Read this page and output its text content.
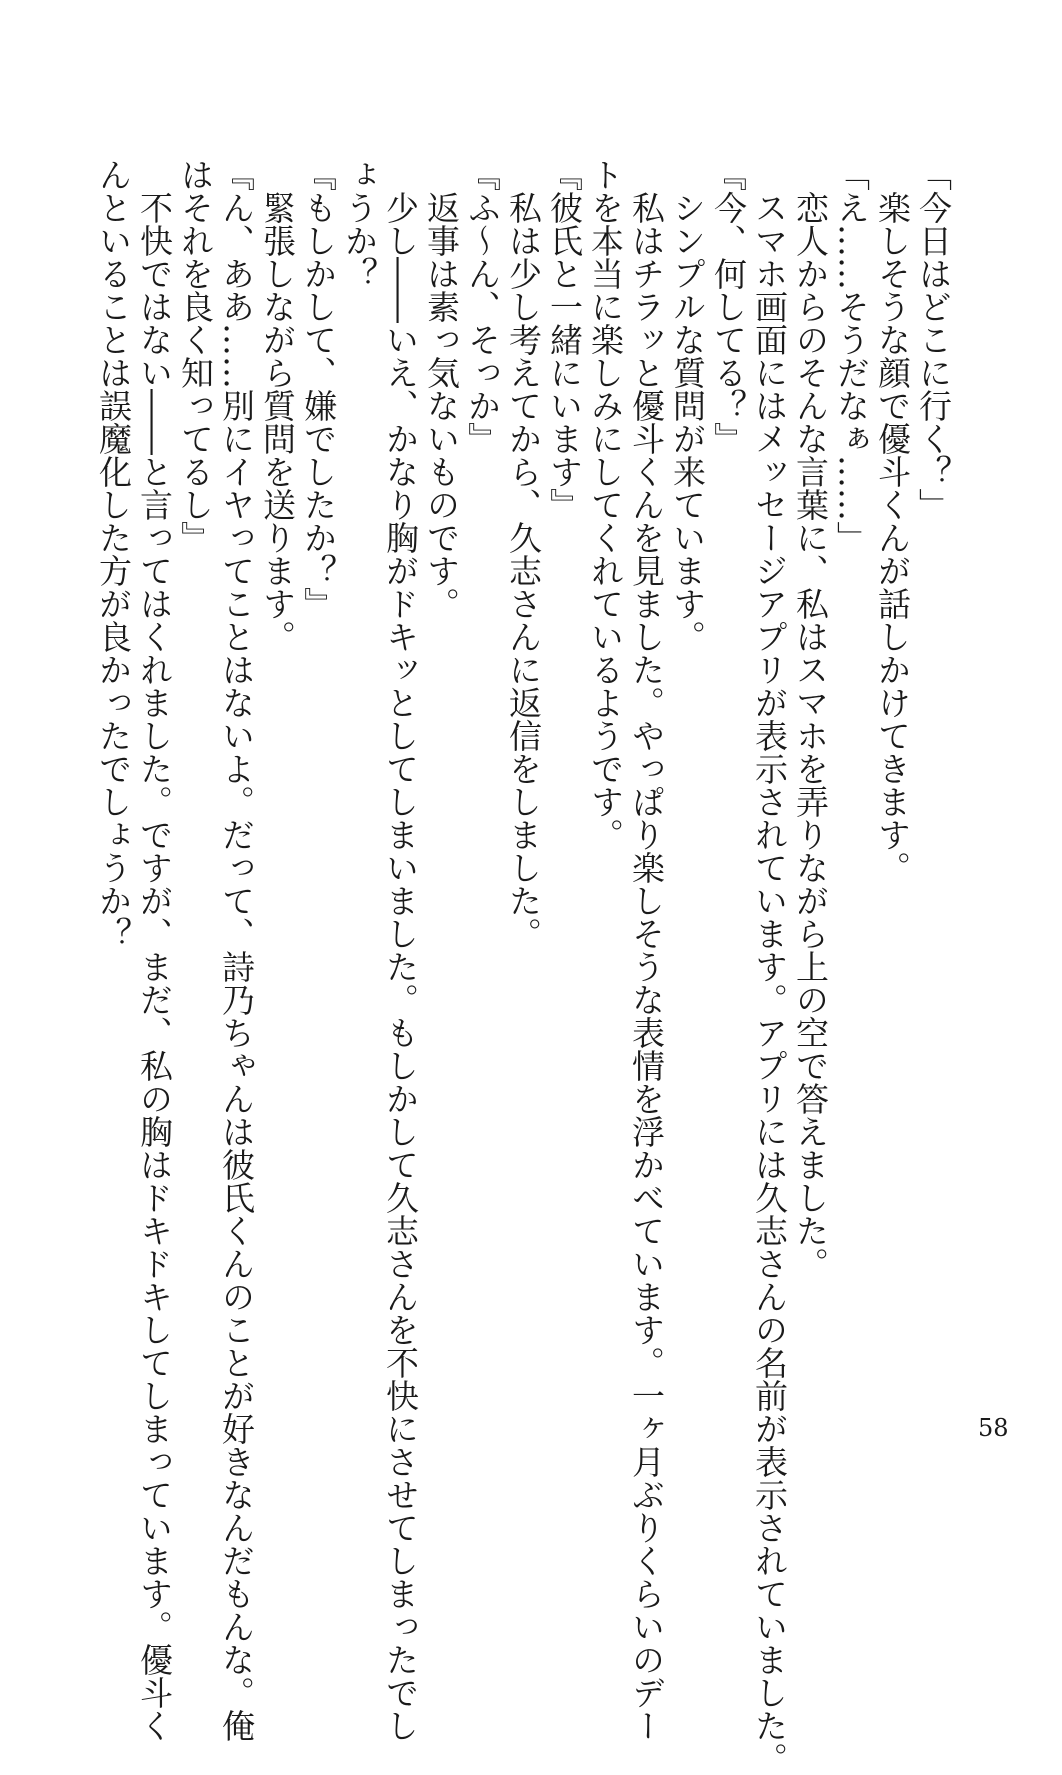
「今日はどこに行く？」

　楽しそうな顔で優斗くんが話しかけてきます。

「え……そうだなぁ……」

　恋人からのそんな言葉に、私はスマホを弄りながら上の空で答えました。

　スマホ画面にはメッセージアプリが表示されています。アプリには久志さんの名前が表示されていました。

『今、何してる？』

　シンプルな質問が来ています。

　私はチラッと優斗くんを見ました。やっぱり楽しそうな表情を浮かべています。一ヶ月ぶりくらいのデー

トを本当に楽しみにしてくれているようです。

『彼氏と一緒にいます』

　私は少し考えてから、久志さんに返信をしました。

『ふ～ん、そっか』

　返事は素っ気ないものです。

　少し――いえ、かなり胸がドキッとしてしまいました。もしかして久志さんを不快にさせてしまったでし

ょうか？

『もしかして、嫌でしたか？』

　緊張しながら質問を送ります。

『ん、ああ……別にイヤってことはないよ。だって、詩乃ちゃんは彼氏くんのことが好きなんだもんな。俺

はそれを良く知ってるし』

　不快ではない――と言ってはくれました。ですが、まだ、私の胸はドキドキしてしまっています。優斗く

んといることは誤魔化した方が良かったでしょうか？

58
